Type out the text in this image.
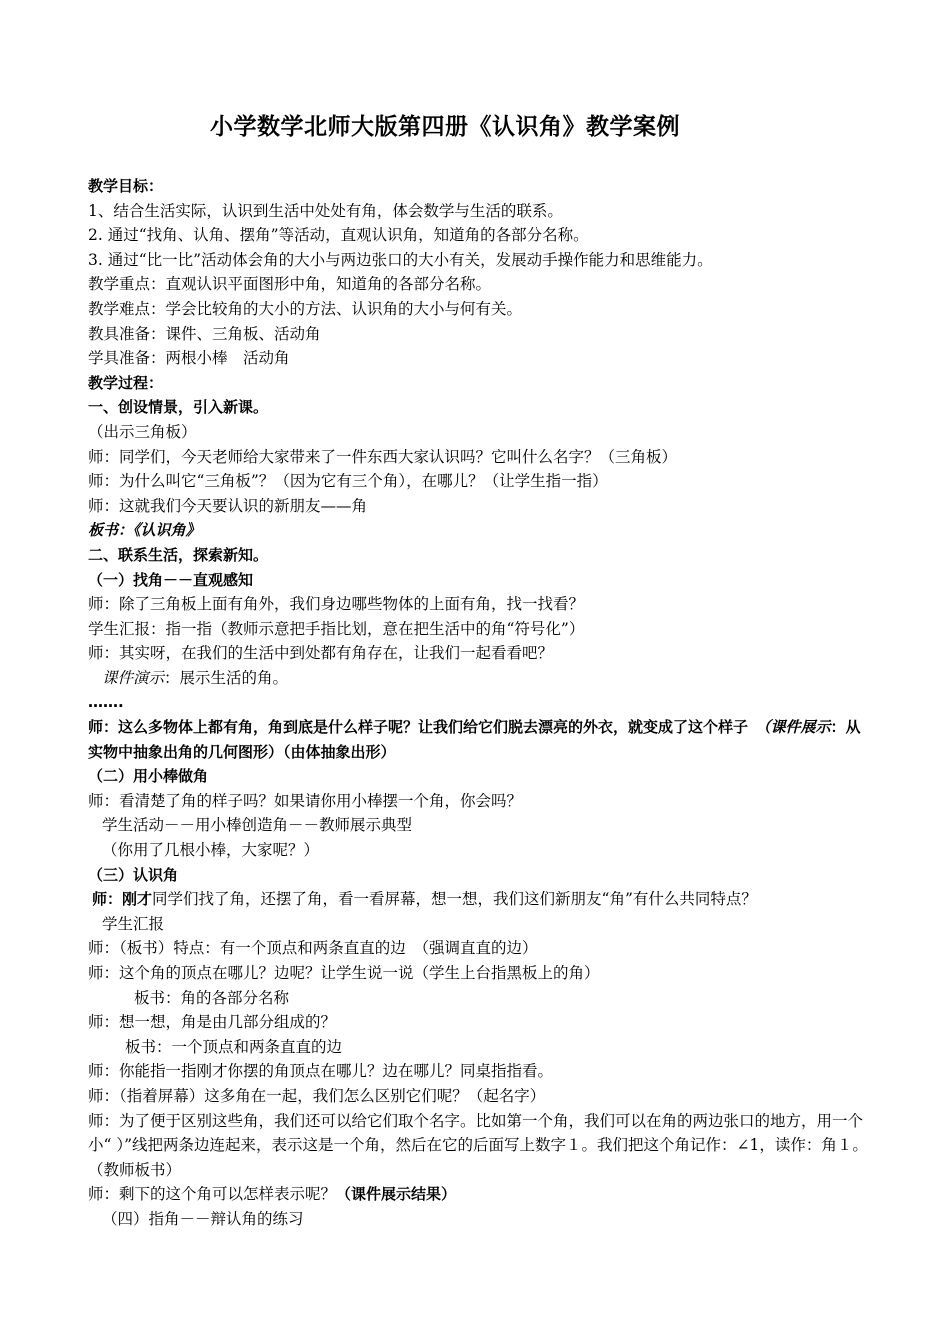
小学数学北师大版第四册《认识角》教学案例
教学目标：
1、结合生活实际，认识到生活中处处有角，体会数学与生活的联系。
2. 通过“找角、认角、摆角”等活动，直观认识角，知道角的各部分名称。
3. 通过“比一比”活动体会角的大小与两边张口的大小有关，发展动手操作能力和思维能力。
教学重点：直观认识平面图形中角，知道角的各部分名称。
教学难点：学会比较角的大小的方法、认识角的大小与何有关。
教具准备：课件、三角板、活动角
学具准备：两根小棒　活动角
教学过程：
一、创设情景，引入新课。
（出示三角板）
师：同学们，今天老师给大家带来了一件东西大家认识吗？它叫什么名字？（三角板）
师：为什么叫它“三角板”？（因为它有三个角），在哪儿？（让学生指一指）
师：这就我们今天要认识的新朋友——角
板书：《认识角》
二、联系生活，探索新知。
（一）找角－－直观感知
师：除了三角板上面有角外，我们身边哪些物体的上面有角，找一找看？
学生汇报：指一指（教师示意把手指比划，意在把生活中的角“符号化”）
师：其实呀，在我们的生活中到处都有角存在，让我们一起看看吧？
课件演示：展示生活的角。
…….
师：这么多物体上都有角，角到底是什么样子呢？让我们给它们脱去漂亮的外衣，就变成了这个样子　（课件展示：从实物中抽象出角的几何图形）（由体抽象出形）
（二）用小棒做角
师：看清楚了角的样子吗？如果请你用小棒摆一个角，你会吗？
学生活动－－用小棒创造角－－教师展示典型
（你用了几根小棒，大家呢？）
（三）认识角
师：刚才同学们找了角，还摆了角，看一看屏幕，想一想，我们这们新朋友“角”有什么共同特点？
学生汇报
师：（板书）特点：有一个顶点和两条直直的边　（强调直直的边）
师：这个角的顶点在哪儿？边呢？让学生说一说（学生上台指黑板上的角）
板书：角的各部分名称
师：想一想，角是由几部分组成的？
板书：一个顶点和两条直直的边
师：你能指一指刚才你摆的角顶点在哪儿？边在哪儿？同桌指指看。
师：（指着屏幕）这多角在一起，我们怎么区别它们呢？（起名字）
师：为了便于区别这些角，我们还可以给它们取个名字。比如第一个角，我们可以在角的两边张口的地方，用一个小“ ）”线把两条边连起来，表示这是一个角，然后在它的后面写上数字１。我们把这个角记作：∠1，读作：角１。（教师板书）
师：剩下的这个角可以怎样表示呢？（课件展示结果）
（四）指角－－辩认角的练习
